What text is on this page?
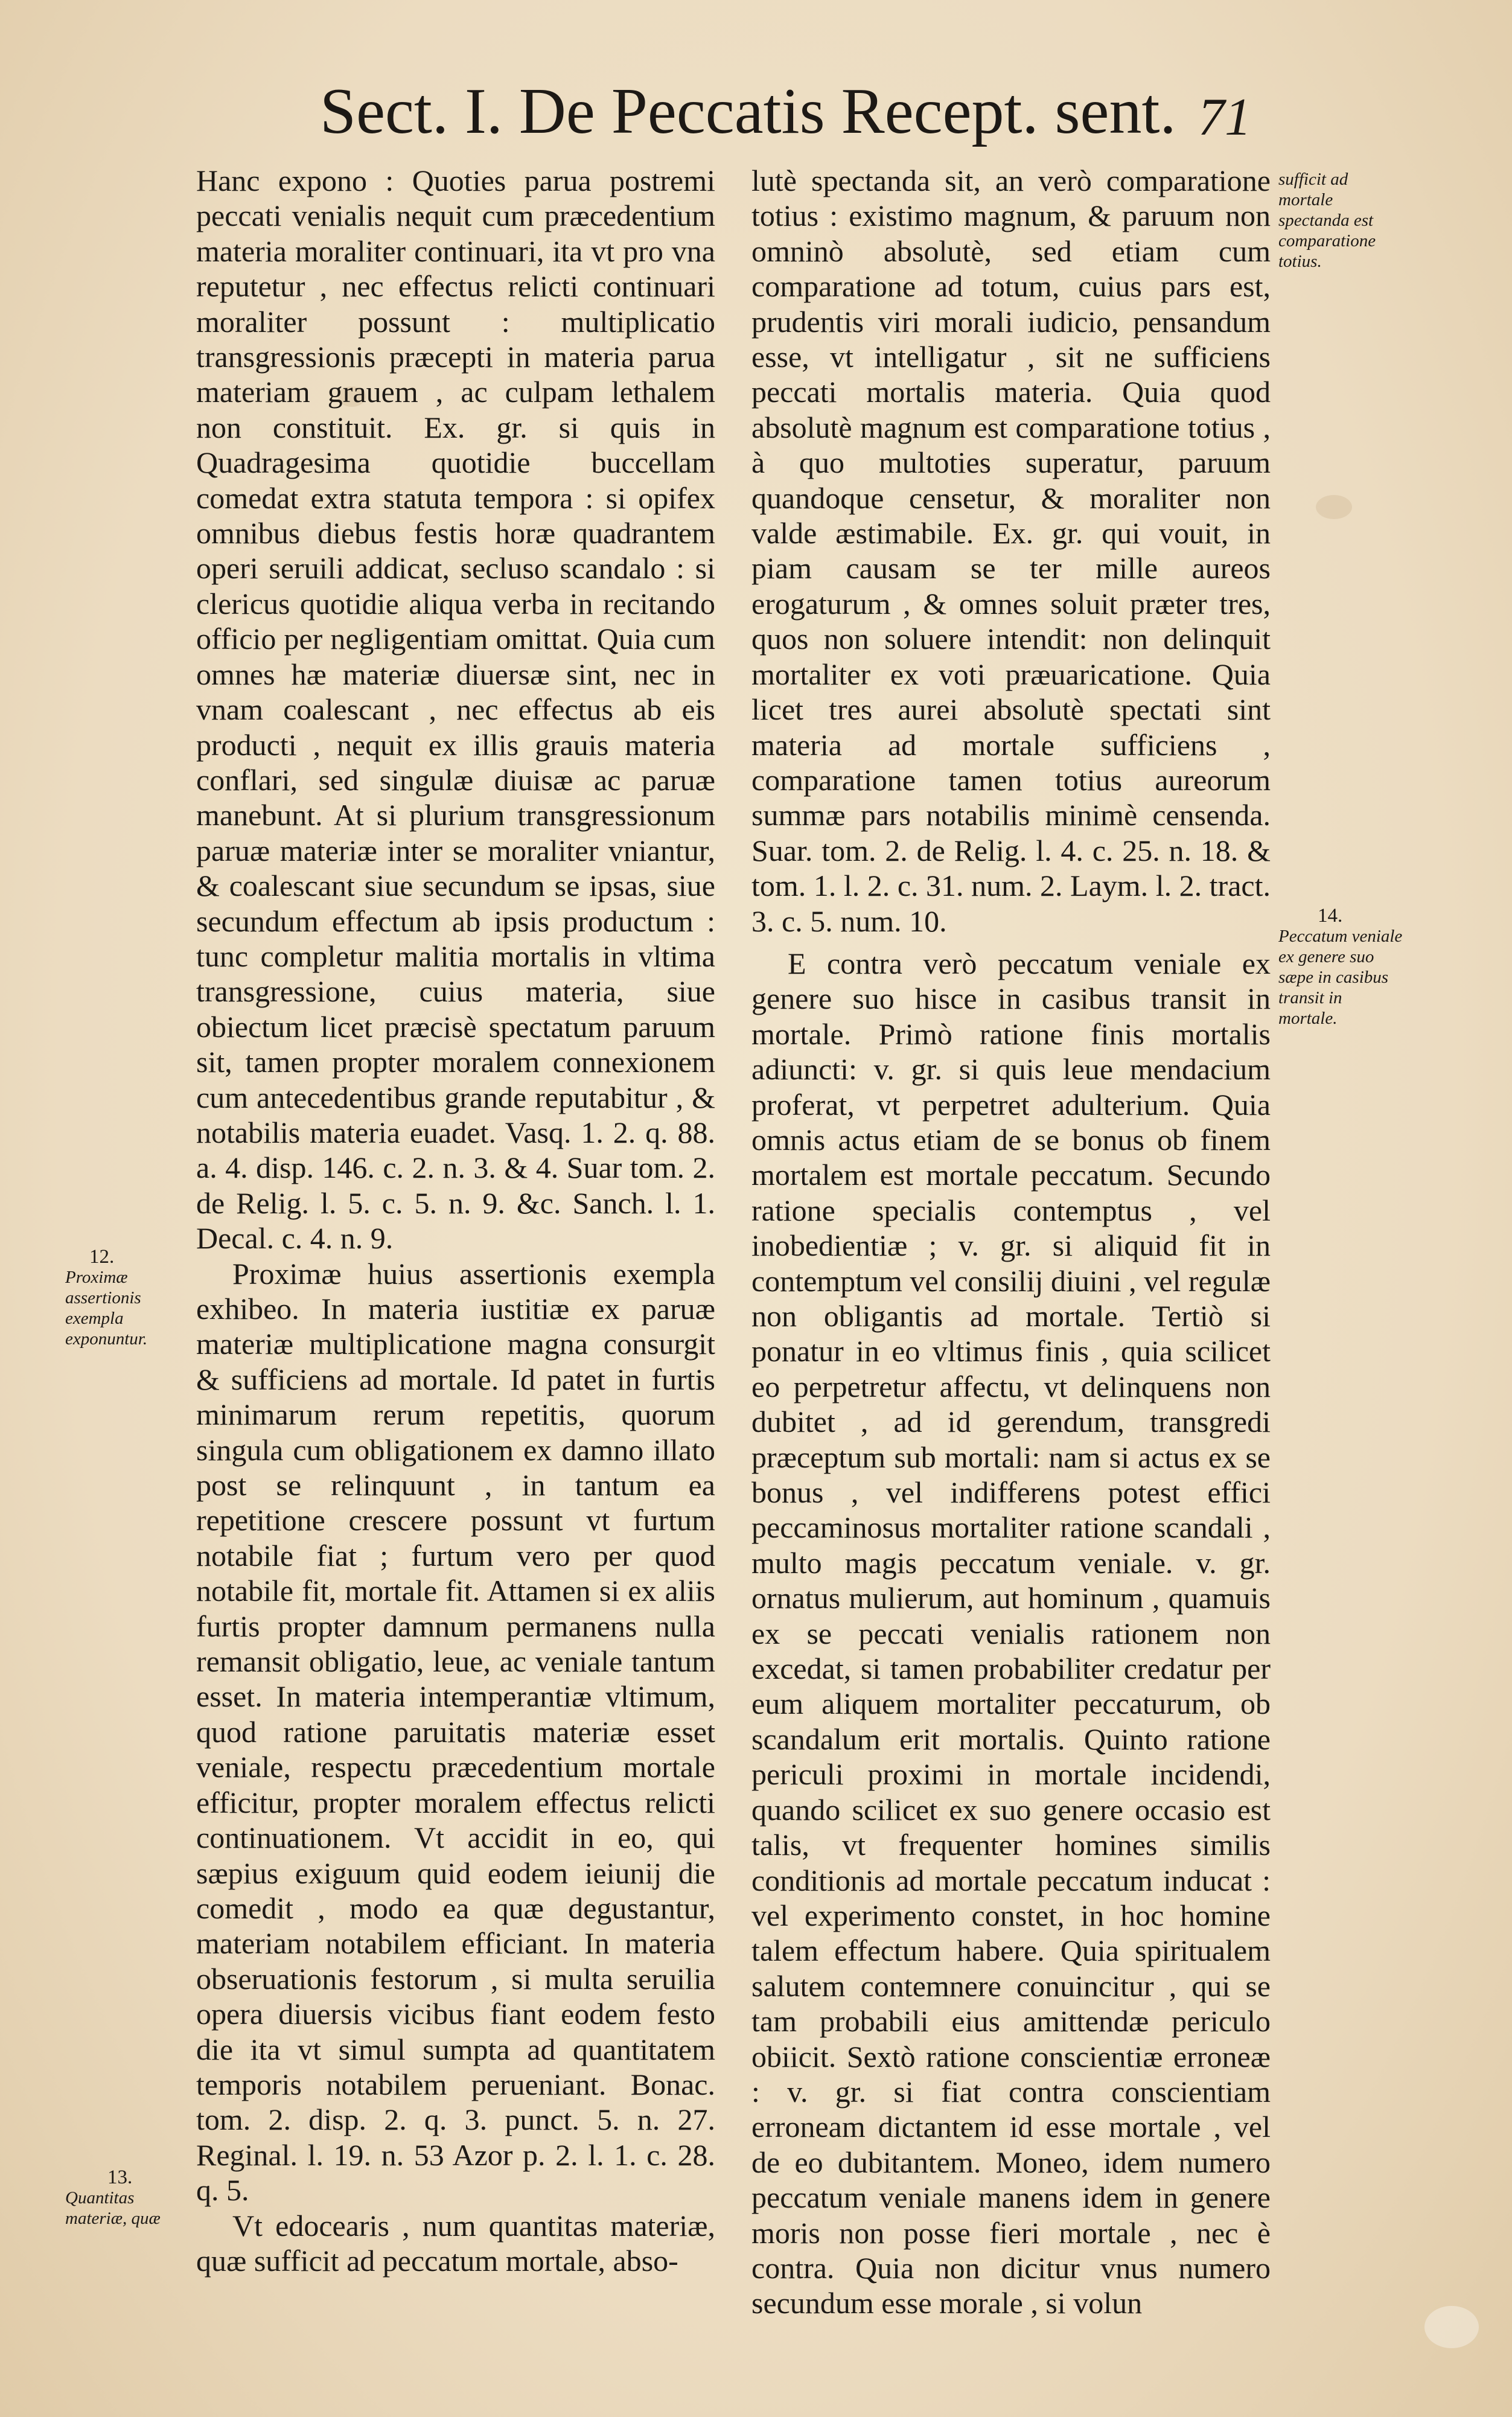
Sect. I. De Peccatis Recept. sent. 71

Hanc expono : Quoties parua postremi peccati venialis nequit cum præcedentium materia moraliter continuari, ita vt pro vna reputetur , nec effectus relicti continuari moraliter possunt : multiplicatio transgressionis præcepti in materia parua materiam grauem , ac culpam lethalem non constituit. Ex. gr. si quis in Quadragesima quotidie buccellam comedat extra statuta tempora : si opifex omnibus diebus festis horæ quadrantem operi seruili addicat, secluso scandalo : si clericus quotidie aliqua verba in recitando officio per negligentiam omittat. Quia cum omnes hæ materiæ diuersæ sint, nec in vnam coalescant , nec effectus ab eis producti , nequit ex illis grauis materia conflari, sed singulæ diuisæ ac paruæ manebunt. At si plurium transgressionum paruæ materiæ inter se moraliter vniantur, & coalescant siue secundum se ipsas, siue secundum effectum ab ipsis productum : tunc completur malitia mortalis in vltima transgressione, cuius materia, siue obiectum licet præcisè spectatum paruum sit, tamen propter moralem connexionem cum antecedentibus grande reputabitur , & notabilis materia euadet. Vasq. 1. 2. q. 88. a. 4. disp. 146. c. 2. n. 3. & 4. Suar tom. 2. de Relig. l. 5. c. 5. n. 9. &c. Sanch. l. 1. Decal. c. 4. n. 9.

Proximæ huius assertionis exempla exhibeo. In materia iustitiæ ex paruæ materiæ multiplicatione magna consurgit & sufficiens ad mortale. Id patet in furtis minimarum rerum repetitis, quorum singula cum obligationem ex damno illato post se relinquunt , in tantum ea repetitione crescere possunt vt furtum notabile fiat ; furtum vero per quod notabile fit, mortale fit. Attamen si ex aliis furtis propter damnum permanens nulla remansit obligatio, leue, ac veniale tantum esset. In materia intemperantiæ vltimum, quod ratione paruitatis materiæ esset veniale, respectu præcedentium mortale efficitur, propter moralem effectus relicti continuationem. Vt accidit in eo, qui sæpius exiguum quid eodem ieiunij die comedit , modo ea quæ degustantur, materiam notabilem efficiant. In materia obseruationis festorum , si multa seruilia opera diuersis vicibus fiant eodem festo die ita vt simul sumpta ad quantitatem temporis notabilem perueniant. Bonac. tom. 2. disp. 2. q. 3. punct. 5. n. 27. Reginal. l. 19. n. 53 Azor p. 2. l. 1. c. 28. q. 5.

Vt edocearis , num quantitas materiæ, quæ sufficit ad peccatum mortale, abso-

lutè spectanda sit, an verò comparatione totius : existimo magnum, & paruum non omninò absolutè, sed etiam cum comparatione ad totum, cuius pars est, prudentis viri morali iudicio, pensandum esse, vt intelligatur , sit ne sufficiens peccati mortalis materia. Quia quod absolutè magnum est comparatione totius , à quo multoties superatur, paruum quandoque censetur, & moraliter non valde æstimabile. Ex. gr. qui vouit, in piam causam se ter mille aureos erogaturum , & omnes soluit præter tres, quos non soluere intendit: non delinquit mortaliter ex voti præuaricatione. Quia licet tres aurei absolutè spectati sint materia ad mortale sufficiens , comparatione tamen totius aureorum summæ pars notabilis minimè censenda. Suar. tom. 2. de Relig. l. 4. c. 25. n. 18. & tom. 1. l. 2. c. 31. num. 2. Laym. l. 2. tract. 3. c. 5. num. 10.

E contra verò peccatum veniale ex genere suo hisce in casibus transit in mortale. Primò ratione finis mortalis adiuncti: v. gr. si quis leue mendacium proferat, vt perpetret adulterium. Quia omnis actus etiam de se bonus ob finem mortalem est mortale peccatum. Secundo ratione specialis contemptus , vel inobedientiæ ; v. gr. si aliquid fit in contemptum vel consilij diuini , vel regulæ non obligantis ad mortale. Tertiò si ponatur in eo vltimus finis , quia scilicet eo perpetretur affectu, vt delinquens non dubitet , ad id gerendum, transgredi præceptum sub mortali: nam si actus ex se bonus , vel indifferens potest effici peccaminosus mortaliter ratione scandali , multo magis peccatum veniale. v. gr. ornatus mulierum, aut hominum , quamuis ex se peccati venialis rationem non excedat, si tamen probabiliter credatur per eum aliquem mortaliter peccaturum, ob scandalum erit mortalis. Quinto ratione periculi proximi in mortale incidendi, quando scilicet ex suo genere occasio est talis, vt frequenter homines similis conditionis ad mortale peccatum inducat : vel experimento constet, in hoc homine talem effectum habere. Quia spiritualem salutem contemnere conuincitur , qui se tam probabili eius amittendæ periculo obiicit. Sextò ratione conscientiæ erroneæ : v. gr. si fiat contra conscientiam erroneam dictantem id esse mortale , vel de eo dubitantem. Moneo, idem numero peccatum veniale manens idem in genere moris non posse fieri mortale , nec è contra. Quia non dicitur vnus numero secundum esse morale , si volun

sufficit ad mortale spectanda est comparatione totius.
12.
Proximæ assertionis exempla exponuntur.
13.
Quantitas materiæ, quæ
14.
Peccatum veniale ex genere suo sæpe in casibus transit in mortale.
